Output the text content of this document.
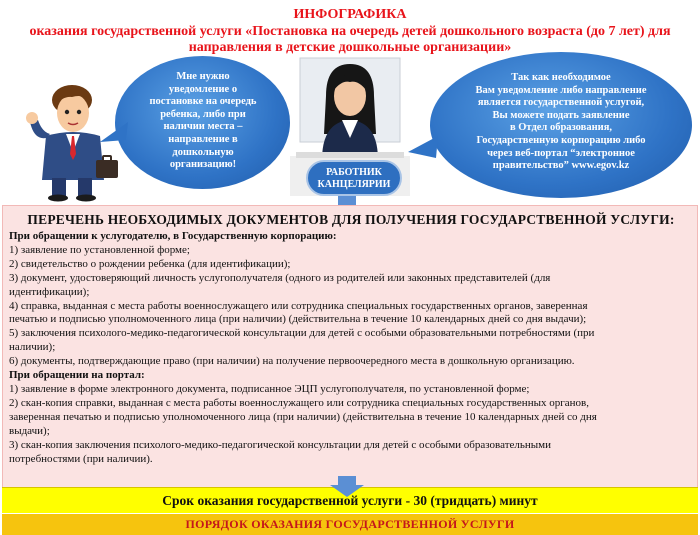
ИНФОГРАФИКА
оказания государственной услуги «Постановка на очередь детей дошкольного возраста (до 7 лет) для направления в детские дошкольные организации»
Мне нужно
уведомление о
постановке на очередь
ребенка, либо при
наличии места –
направление в
дошкольную
организацию!
Так как необходимое
Вам уведомление либо направление
является государственной услугой,
Вы можете подать заявление
в Отдел образования,
Государственную корпорацию либо
через веб-портал “электронное
правительство” www.egov.kz
РАБОТНИК
КАНЦЕЛЯРИИ
ПЕРЕЧЕНЬ НЕОБХОДИМЫХ ДОКУМЕНТОВ ДЛЯ ПОЛУЧЕНИЯ ГОСУДАРСТВЕННОЙ УСЛУГИ:
При обращении к услугодателю, в Государственную корпорацию:
1) заявление по установленной форме;
2) свидетельство о рождении ребенка (для идентификации);
3) документ, удостоверяющий личность услугополучателя (одного из родителей или законных представителей (для
идентификации);
4) справка, выданная с места работы военнослужащего или сотрудника специальных государственных органов, заверенная
печатью и подписью уполномоченного лица (при наличии) (действительна в течение 10 календарных дней со дня выдачи);
5) заключения психолого-медико-педагогической консультации для детей с особыми образовательными потребностями (при
наличии);
6) документы, подтверждающие право (при наличии) на получение первоочередного места в дошкольную организацию.
При обращении на портал:
1) заявление в форме электронного документа, подписанное ЭЦП услугополучателя, по установленной форме;
2) скан-копия справки, выданная с места работы военнослужащего или сотрудника специальных государственных органов,
заверенная печатью и подписью уполномоченного лица (при наличии) (действительна в течение 10 календарных дней со дня
выдачи);
3) скан-копия заключения психолого-медико-педагогической консультации для детей с особыми образовательными
потребностями (при наличии).
Срок оказания государственной услуги - 30 (тридцать) минут
ПОРЯДОК ОКАЗАНИЯ ГОСУДАРСТВЕННОЙ УСЛУГИ
